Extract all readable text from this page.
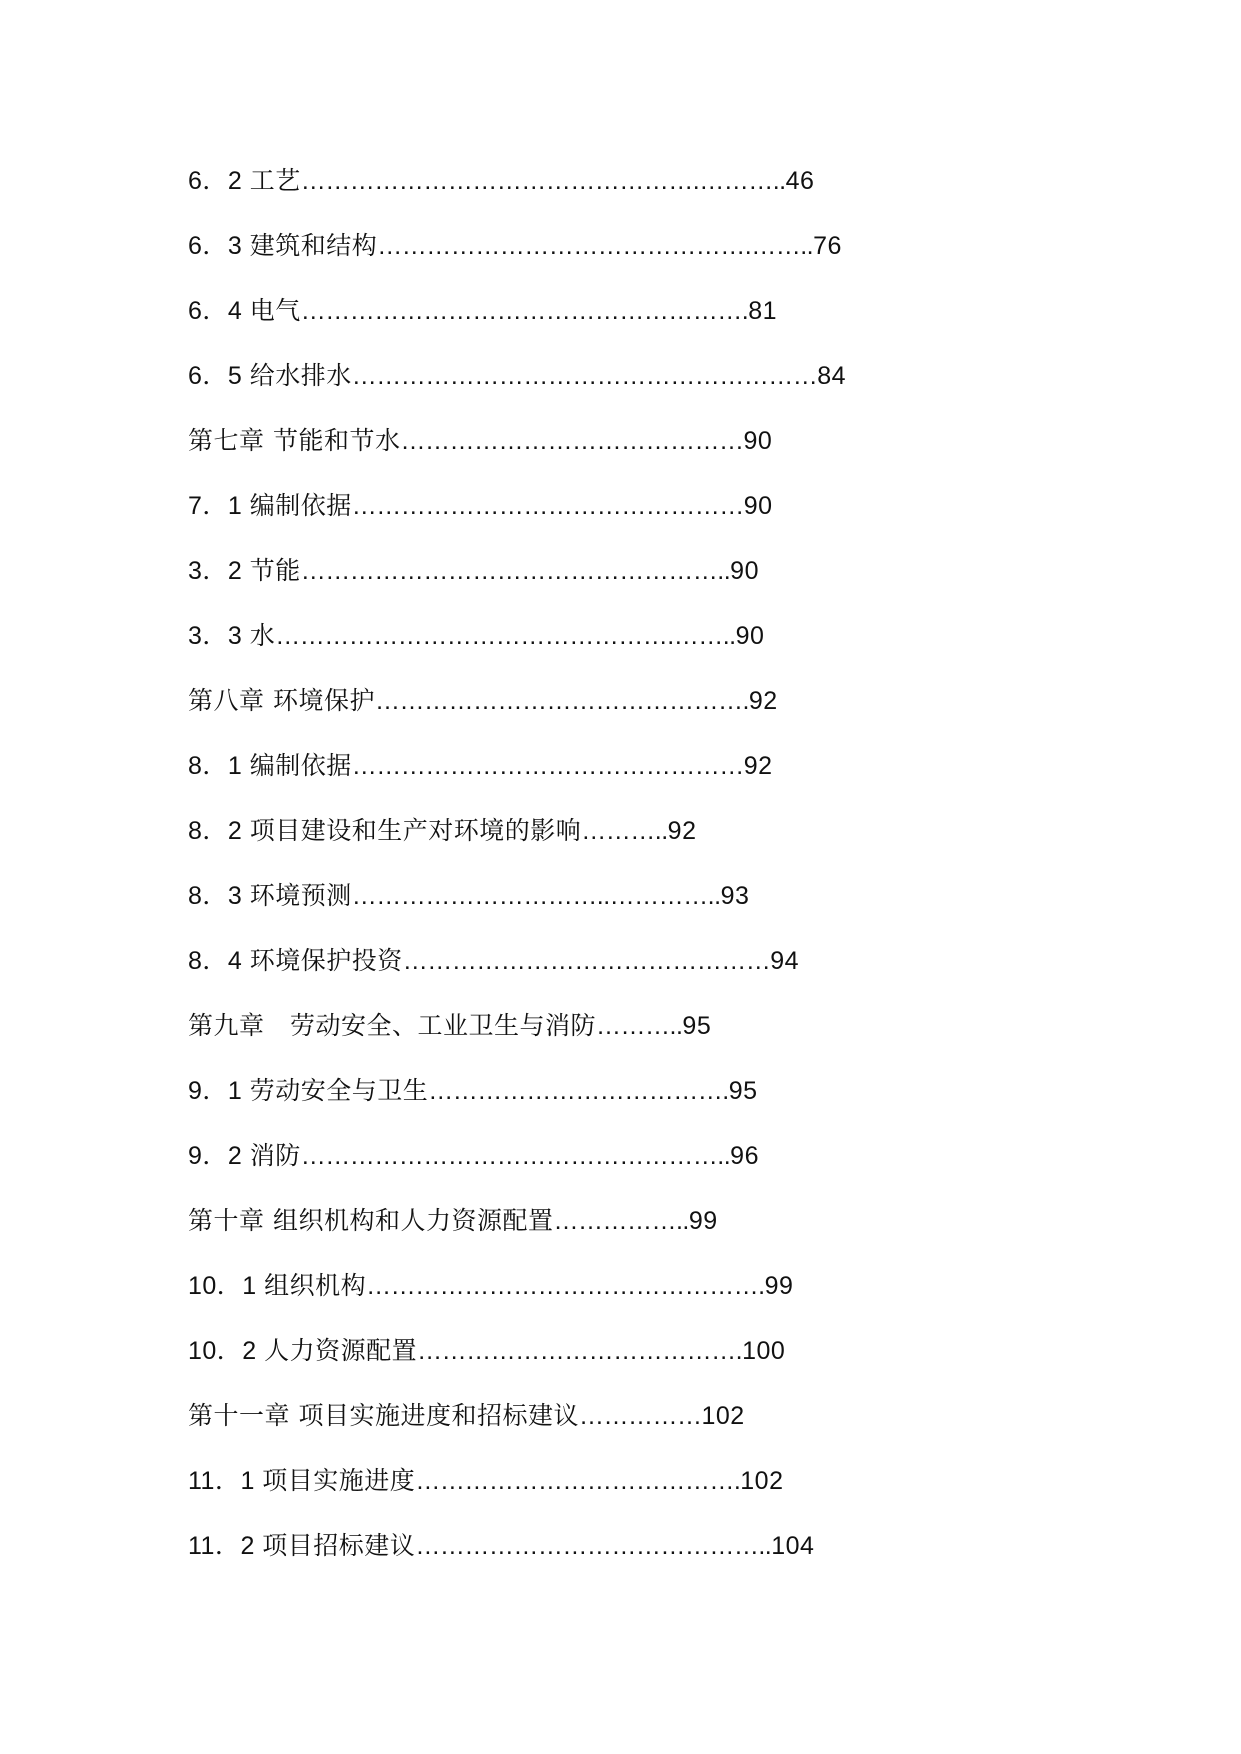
6．2 工艺………………………………………….………..46
6．3 建筑和结构……………………………………….……..76
6．4 电气……………………………………………….81
6．5 给水排水…………………………………………………84
第七章 节能和节水……………………………………90
7．1 编制依据…………………………………………90
3．2 节能……………………………………………..90
3．3 水………………………………………….……..90
第八章 环境保护……………………………………….92
8．1 编制依据…………………………………………92
8．2 项目建设和生产对环境的影响………..92
8．3 环境预测…………………………..…………..93
8．4 环境保护投资………………………………………94
第九章　劳动安全、工业卫生与消防………..95
9．1 劳动安全与卫生……………………………….95
9．2 消防……………………………………………..96
第十章 组织机构和人力资源配置……………..99
10．1 组织机构………………………………………….99
10．2 人力资源配置………………………………….100
第十一章 项目实施进度和招标建议……………102
11．1 项目实施进度………………………………….102
11．2 项目招标建议……………………………………..104
